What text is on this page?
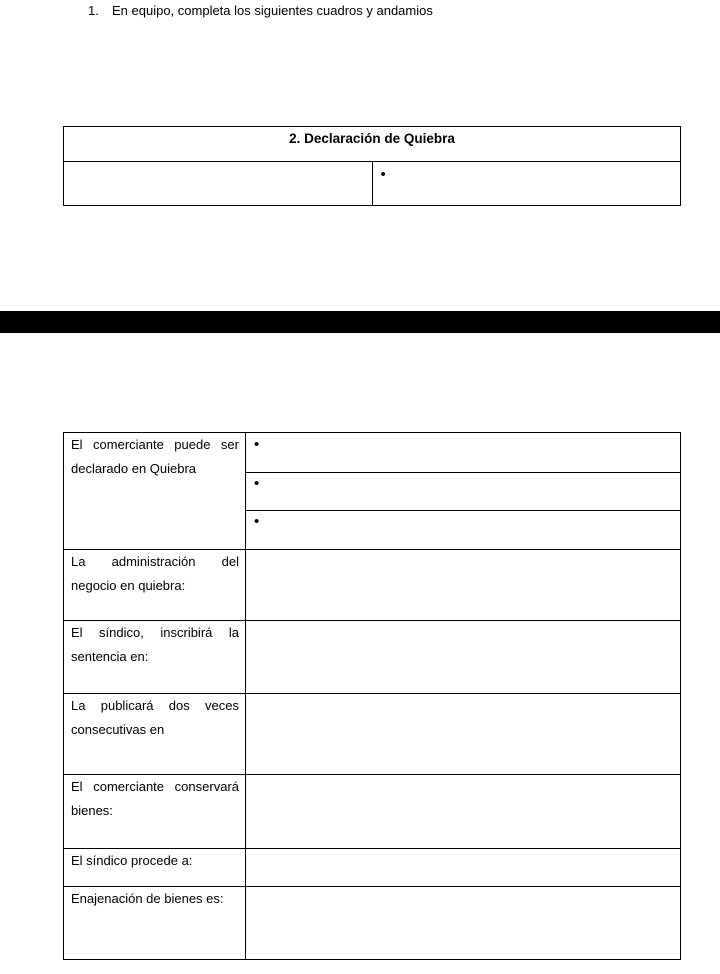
1. En equipo, completa los siguientes cuadros y andamios
2. Declaración de Quiebra
	•
El comerciante puede ser declarado en Quiebra	•
	•
	•
La administración del negocio en quiebra:	
El síndico, inscribirá la sentencia en:	
La publicará dos veces consecutivas en	
El comerciante conservará bienes:	
El síndico procede a:	
Enajenación de bienes es:	
